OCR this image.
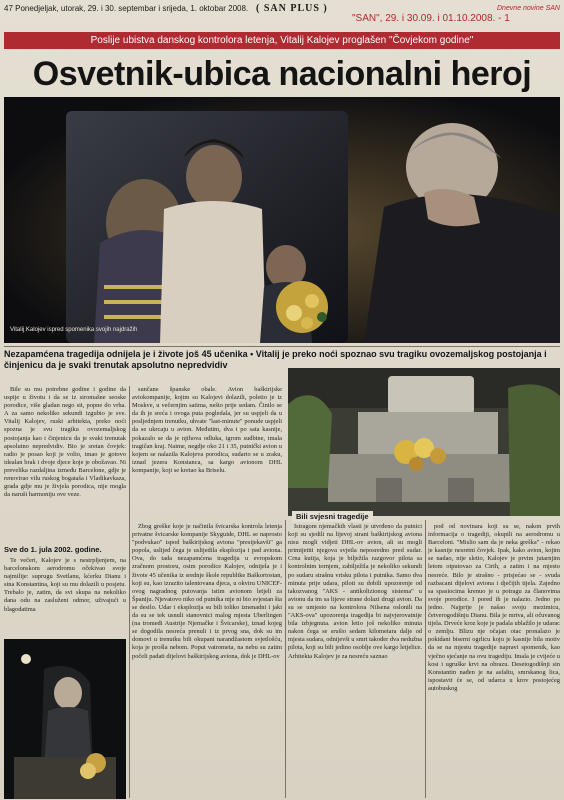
47 Ponedjeljak, utorak, 29. i 30. septembar i srijeda, 1. oktobar 2008. ( SAN PLUS )	Dnevne novine SAN
"SAN", 29. i 30.09. i 01.10.2008. - 1
Poslije ubistva danskog kontrolora letenja, Vitalij Kalojev proglašen "Čovjekom godine"
Osvetnik-ubica nacionalni heroj
Vitalij Kalojev ispred spomenika svojih najdražih
Nezapamćena tragedija odnijela je i živote još 45 učenika • Vitalij je preko noći spoznao svu tragiku ovozemaljskog postojanja i činjenicu da je svaki trenutak apsolutno nepredvidiv

Bile su mu potrebne godine i godine da uspije u životu i da se iz siromašne seoske porodice, više gladan nego sit, popne do vrha. A za samo nekoliko sekundi izgubio je sve. Vitalij Kalojev, ruski arhitekta, preko noći spozna je svu tragiku ovozemaljskog postojanja kao i činjenicu da je svaki trenutak apsolutno nepredvidiv. Bio je sretan čovjek: radio je posao koji je volio, imao je gotovo idealan brak i dvoje djece koje je obožavao. Ni prevelika razdaljina između Barcelone, gdje je renovirao vilu ruskog bogataša i Vladikavkaza, grada gdje mu je živjela porodica, nije mogla da naruši harmoniju ove veze.

Sve do 1. jula 2002. godine.

Te večeri, Kalojev je s nestrpljenjem, na barcelonskom aerodromu očekivao svoje najmilije: suprugu Svetlanu, kćerku Dianu i sina Konstantina, koji su mu dolazili u posjetu. Trebalo je, zatim, da svi skupa na nekoliko dana odu na zasluženi odmor, uživajući u blagodatima

sunčane španske obale. Avion baškirijske aviokompanije, kojim su Kalojevi dolazili, poletio je iz Moskve, u večernjim satima, nešto prije sedam. Činilo se da ih je sreća i ovoga puta pogledala, jer su uspjeli da u posljednjem trenutku, uhvate "last-minute" ponude uspjeli da se ukrcaju u avion. Međutim, dva i po sata kasnije, pokazalo se da je njihova odluka, igrom sudbine, imala tragičan kraj. Naime, negdje oko 21 i 35, putnički avion u kojem se nalazila Kalojeva porodica, sudario se u zraku, iznad jezera Konstanca, sa kargo avionom DHL kompanije, koji se kretao ka Briselu.

Bili svjesni tragedije

Zbog greške koje je načinila švicarska kontrola letenja privatne švicarske kompanije Skyguide, DHL se naprosto "podvukao" ispod baškirijskog aviona "presijekavši" ga popola, uslijed čega je uslijedila eksplozija i pad aviona. Ova, do tada nezapamćena tragedija u evropskom zračnom prostoru, osim porodice Kalojev, odnijela je i živote 45 učenika iz srednje škole republike Baškortostan, koji su, kao izrazito talentovana djeca, u okviru UNICEF-ovog nagradnog putovanja istim avionom letjeli za Španiju. Njevatovo niko od putnika nije ni bio svjestan šta se desilo. Udar i eksplozija su bili toliko iznenadni i jaki da su se tek usnuli stanovnici malog mjesta Uberlingen (na tromeđi Austrije Njemačke i Švicarske), iznad kojeg se dogodila nesreća prenuli i iz prvog sna, dok su im domovi u trenutku bili okupani narandžastom svjetlošću, koja je prošla nebom. Poput vatrometa, na nebu su zatim počeli padati dijelovi baškirijskog aviona, dok je DHL-ov

Istragom njemačkih vlasti je utvrđeno da putnici koji su sjedili na lijevoj strani baškirijskog aviona nisu mogli vidjeti DHL-ov avion, ali su mogli primijetiti njegova svjetla neposredno pred sudar. Crna kutija, koja je bilježila razgovor pilota sa kontrolnim tornjem, zabilježila je nekoliko sekundi po sudaru strašnu vrisku pilota i putnika. Samo dva minuta prije udara, piloti su dobili upozorenje od takozvanog "AKS - antikolizionog sistema" u avionu da im sa lijeve strane dolazi drugi avion. Da su se umjesto na kontrolora Nilsena oslonili na "AKS-ova" upozorenja tragedija bi najvjerovatnije bila izbjegnuta. avion letio još nekoliko minuta nakon čega se srušio sedam kilometara dalje od mjesta sudara, odnijevši u smrt također dva nedužna pilota, koji su bili jedino osoblje ove kargo letjelice. Arhitekta Kalojev je za nesreću saznao

pod od novinara koji su se, nakon prvih informacija o tragediji, okupili na aerodromu u Barceloni. "Mislio sam da je neka greška" - rekao je kasnije nesretni čovjek. Ipak, kako avion, kojim se nadao, nije sletio, Kalojev je prvim jutarnjim letom otputovao za Cirih, a zatim i na mjesto nesreće. Bilo je strašno - prisjećao se - svuda razbacani dijelovi aviona i dječijih tijela. Zajedno sa spasiocima krenuo je u potragu za članovima svoje porodice. I pored ih je nalazio. Jedno po jedno. Najprije je našao svoju mezimicu, četverogodišnju Dianu. Bila je mrtva, ali očuvanog tijela. Drveće kroz koje je padala ublažilo je udarac o zemlju. Blizu nje očajan otac pronalazo je pokidani biserni ogrlicu koju je kasnije bila motiv da se na mjestu tragedije napravi spomenik, kao vječno sjećanje na ovu tragediju. Imala je cvijeće u kosi i ugruške krvi na obrazu. Desetogodišnji sin Konstantin nađen je na asfaltu, smrskanog lica, ispostavit će se, od udarca u krov postojećeg autobuskog
